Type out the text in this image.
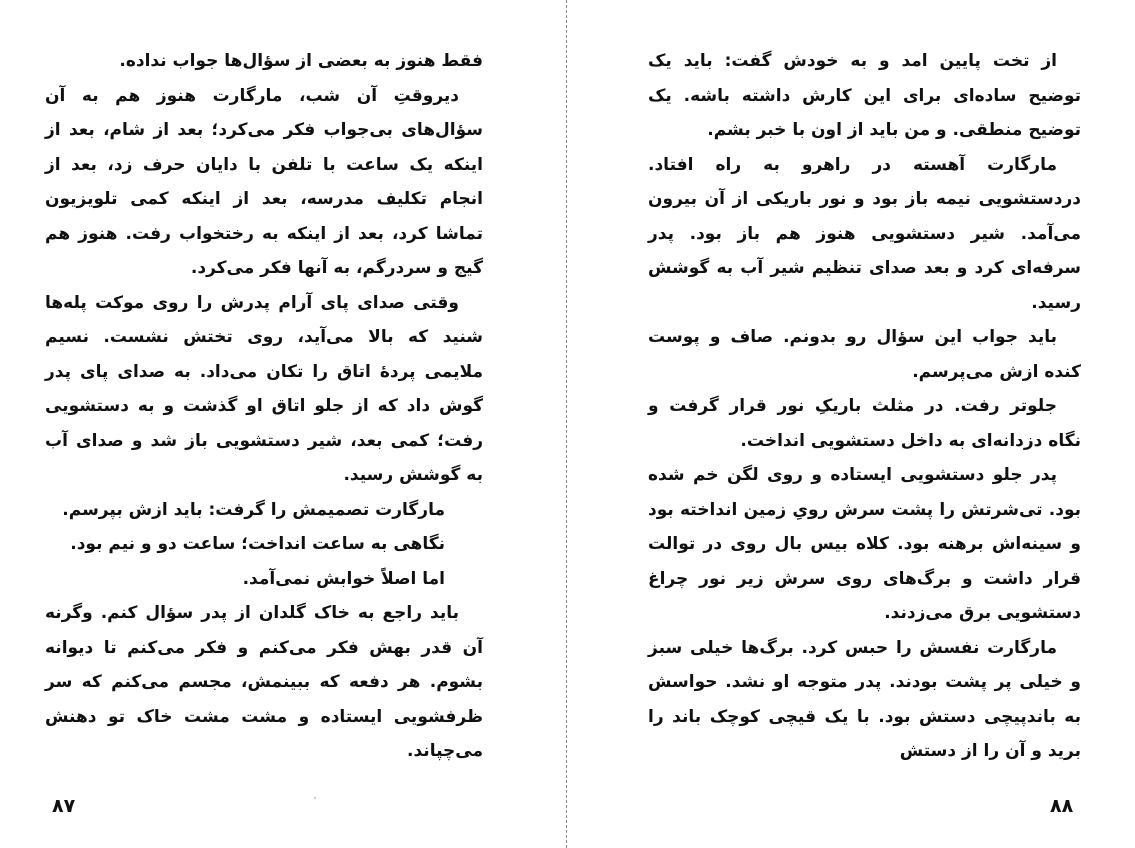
فقط هنوز به بعضی از سؤال‌ها جواب نداده.

دیروقتِ آن شب، مارگارت هنوز هم به آن سؤال‌های بی‌جواب فکر می‌کرد؛ بعد از شام، بعد از اینکه یک ساعت با تلفن با دایان حرف زد، بعد از انجام تکلیف مدرسه، بعد از اینکه کمی تلویزیون تماشا کرد، بعد از اینکه به رختخواب رفت. هنوز هم گیج و سردرگم، به آنها فکر می‌کرد.

وقتی صدای پای آرام پدرش را روی موکت پله‌ها شنید که بالا می‌آید، روی تختش نشست. نسیم ملایمی پردهٔ اتاق را تکان می‌داد. به صدای پای پدر گوش داد که از جلو اتاق او گذشت و به دستشویی رفت؛ کمی بعد، شیر دستشویی باز شد و صدای آب به گوشش رسید.

مارگارت تصمیمش را گرفت: باید ازش بپرسم.

نگاهی به ساعت انداخت؛ ساعت دو و نیم بود.

اما اصلاً خوابش نمی‌آمد.

باید راجع به خاک گلدان از پدر سؤال کنم. وگرنه آن قدر بهش فکر می‌کنم و فکر می‌کنم تا دیوانه بشوم. هر دفعه که ببینمش، مجسم می‌کنم که سر ظرفشویی ایستاده و مشت مشت خاک تو دهنش می‌چپاند.

از تخت پایین امد و به خودش گفت: باید یک توضیح ساده‌ای برای این کارش داشته باشه. یک توضیح منطقی. و من باید از اون با خبر بشم.

مارگارت آهسته در راهرو به راه افتاد. دردستشویی نیمه باز بود و نور باریکی از آن بیرون می‌آمد. شیر دستشویی هنوز هم باز بود. پدر سرفه‌ای کرد و بعد صدای تنظیم شیر آب به گوشش رسید.

باید جواب این سؤال رو بدونم. صاف و پوست کنده ازش می‌پرسم.

جلوتر رفت. در مثلث باریکِ نور قرار گرفت و نگاه دزدانه‌ای به داخل دستشویی انداخت.

پدر جلو دستشویی ایستاده و روی لگن خم شده بود. تی‌شرتش را پشت سرش رویِ زمین انداخته بود و سینه‌اش برهنه بود. کلاه بیس بال روی در توالت قرار داشت و برگ‌های روی سرش زیر نور چراغ دستشویی برق می‌زدند.

مارگارت نفسش را حبس کرد. برگ‌ها خیلی سبز و خیلی پر پشت بودند. پدر متوجه او نشد. حواسش به باندپیچی دستش بود. با یک قیچی کوچک باند را برید و آن را از دستش

۸۷	۸۸
